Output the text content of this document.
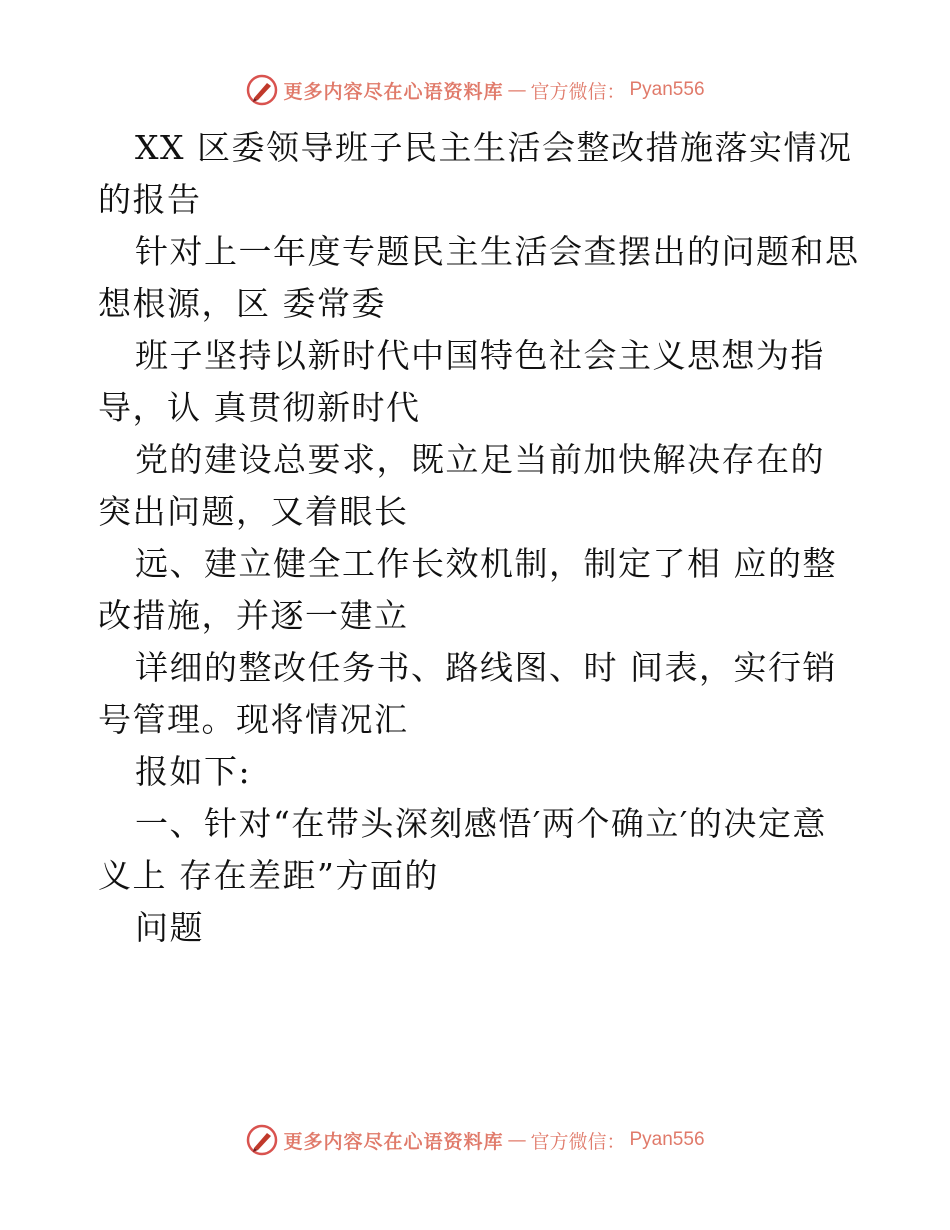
更多内容尽在心语资料库 — 官方微信： Pyan556
XX 区委领导班子民主生活会整改措施落实情况
的报告
针对上一年度专题民主生活会查摆出的问题和思
想根源，区 委常委
班子坚持以新时代中国特色社会主义思想为指
导，认 真贯彻新时代
党的建设总要求，既立足当前加快解决存在的
突出问题，又着眼长
远、建立健全工作长效机制，制定了相 应的整
改措施，并逐一建立
详细的整改任务书、路线图、时 间表，实行销
号管理。现将情况汇
报如下:
一、针对“在带头深刻感悟′两个确立′的决定意
义上 存在差距”方面的
问题
更多内容尽在心语资料库 — 官方微信： Pyan556
